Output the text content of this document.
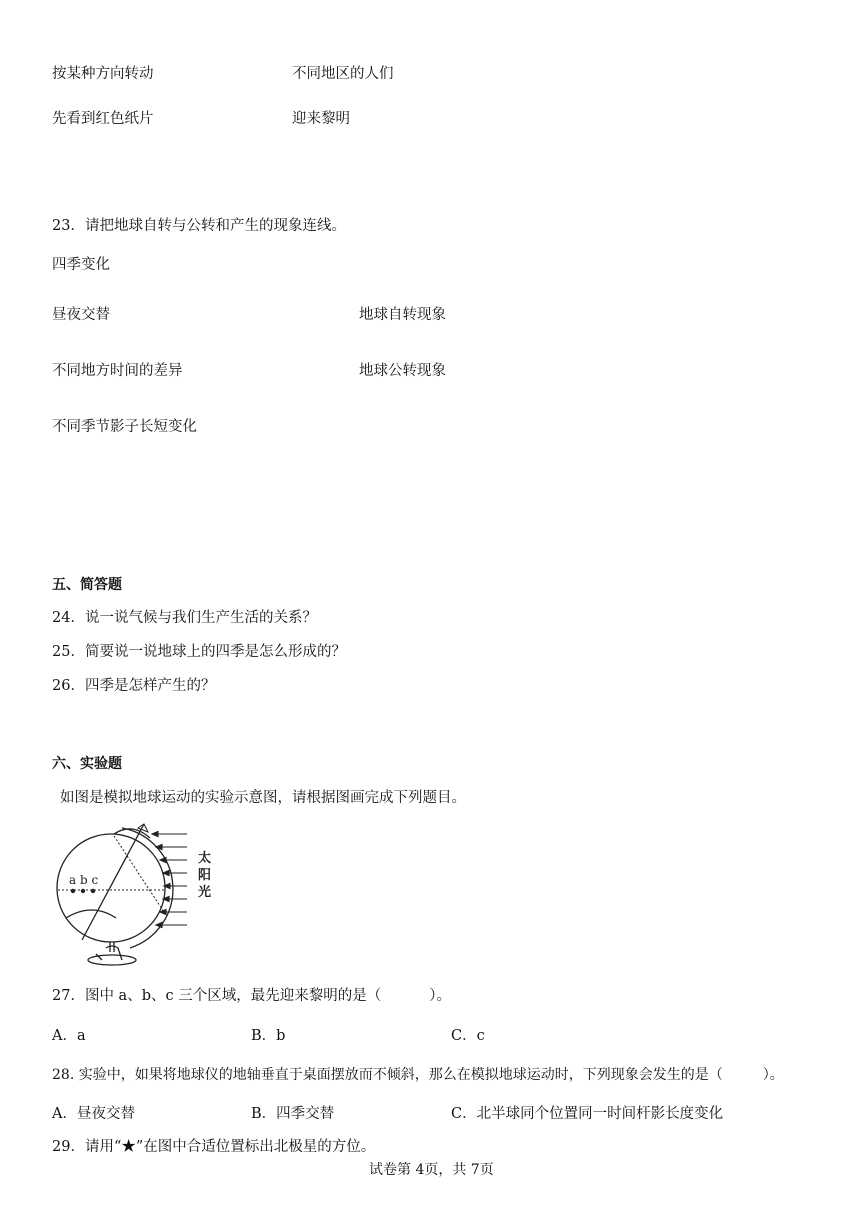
按某种方向转动	不同地区的人们
先看到红色纸片	迎来黎明
23．请把地球自转与公转和产生的现象连线。
四季变化
昼夜交替	地球自转现象
不同地方时间的差异	地球公转现象
不同季节影子长短变化
五、简答题
24．说一说气候与我们生产生活的关系？
25．简要说一说地球上的四季是怎么形成的？
26．四季是怎样产生的？
六、实验题
如图是模拟地球运动的实验示意图，请根据图画完成下列题目。
a b c
太
阳
光
27．图中 a、b、c 三个区域，最先迎来黎明的是（	）。
A．a	B．b	C．c
28. 实验中，如果将地球仪的地轴垂直于桌面摆放而不倾斜，那么在模拟地球运动时，下列现象会发生的是（	）。
A．昼夜交替	B．四季交替	C．北半球同个位置同一时间杆影长度变化
29．请用“★”在图中合适位置标出北极星的方位。
试卷第 4页，共 7页
